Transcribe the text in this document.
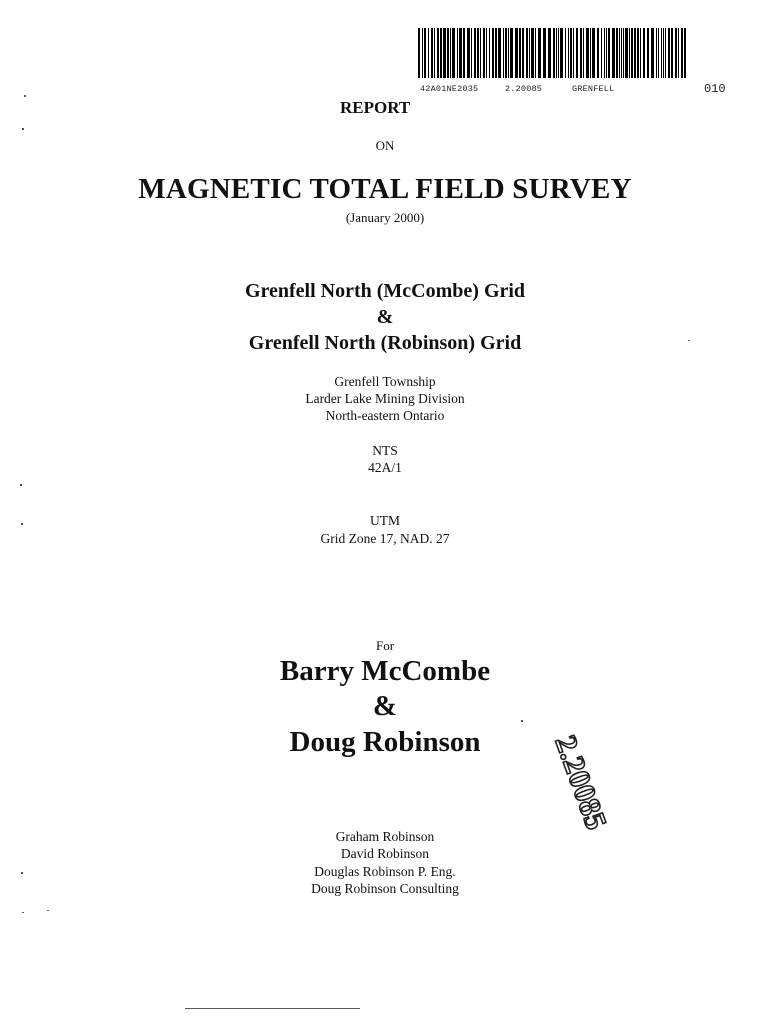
42A01NE2035	2.20085	GRENFELL	010
REPORT
ON
MAGNETIC TOTAL FIELD SURVEY
(January 2000)
Grenfell North (McCombe) Grid
&
Grenfell North (Robinson) Grid
Grenfell Township
Larder Lake Mining Division
North-eastern Ontario
NTS
42A/1
UTM
Grid Zone 17, NAD. 27
For
Barry McCombe
&
Doug Robinson
Graham Robinson
David Robinson
Douglas Robinson P. Eng.
Doug Robinson Consulting
2.20085
